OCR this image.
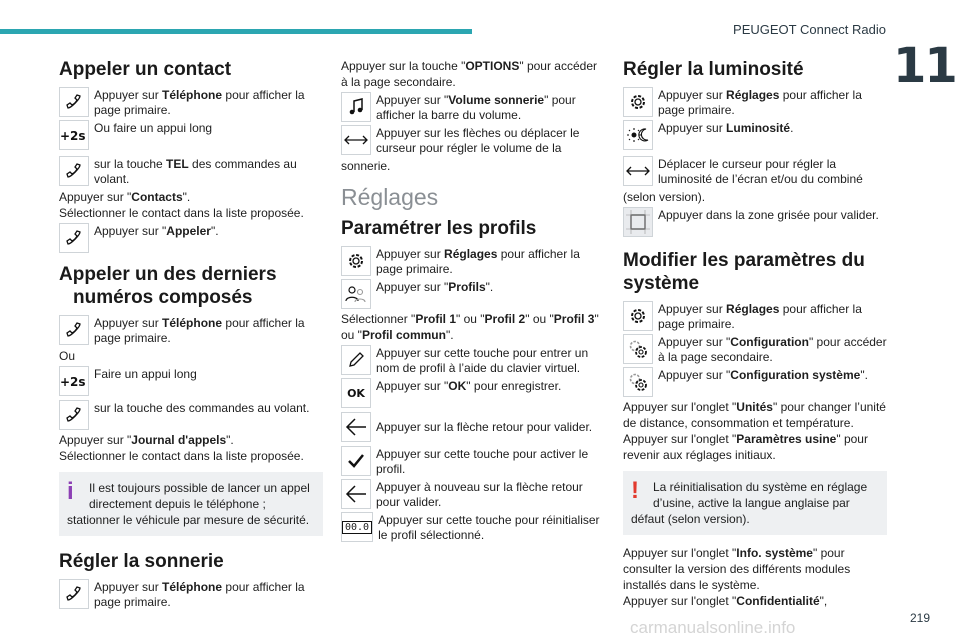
PEUGEOT Connect Radio
11
Appeler un contact
Appuyer sur Téléphone pour afficher la page primaire.
+2s
Ou faire un appui long
sur la touche TEL des commandes au volant.

Appuyer sur "Contacts".

Sélectionner le contact dans la liste proposée.

Appuyer sur "Appeler".
Appeler un des derniers numéros composés
Appuyer sur Téléphone pour afficher la page primaire.

Ou

+2s
Faire un appui long
sur la touche des commandes au volant.

Appuyer sur "Journal d'appels".

Sélectionner le contact dans la liste proposée.

i	Il est toujours possible de lancer un appel directement depuis le téléphone ;
stationner le véhicule par mesure de sécurité.
Régler la sonnerie
Appuyer sur Téléphone pour afficher la page primaire.

Appuyer sur la touche "OPTIONS" pour accéder à la page secondaire.

Appuyer sur "Volume sonnerie" pour afficher la barre du volume.
Appuyer sur les flèches ou déplacer le curseur pour régler le volume de la

sonnerie.

Réglages
Paramétrer les profils
Appuyer sur Réglages pour afficher la page primaire.
Appuyer sur "Profils".

Sélectionner "Profil 1" ou "Profil 2" ou "Profil 3" ou "Profil commun".

Appuyer sur cette touche pour entrer un nom de profil à l’aide du clavier virtuel.
OK Appuyer sur "OK" pour enregistrer.
Appuyer sur la flèche retour pour valider.
Appuyer sur cette touche pour activer le profil.
Appuyer à nouveau sur la flèche retour pour valider.
00.0 Appuyer sur cette touche pour réinitialiser le profil sélectionné.
Régler la luminosité
Appuyer sur Réglages pour afficher la page primaire.
Appuyer sur Luminosité.
Déplacer le curseur pour régler la luminosité de l’écran et/ou du combiné

(selon version).

Appuyer dans la zone grisée pour valider.
Modifier les paramètres du système
Appuyer sur Réglages pour afficher la page primaire.
Appuyer sur "Configuration" pour accéder à la page secondaire.
Appuyer sur "Configuration système".

Appuyer sur l'onglet "Unités" pour changer l’unité de distance, consommation et température.

Appuyer sur l'onglet "Paramètres usine" pour revenir aux réglages initiaux.

!	La réinitialisation du système en réglage d’usine, active la langue anglaise par
défaut (selon version).

Appuyer sur l'onglet "Info. système" pour consulter la version des différents modules installés dans le système.

Appuyer sur l'onglet "Confidentialité",

carmanualsonline.info	219
